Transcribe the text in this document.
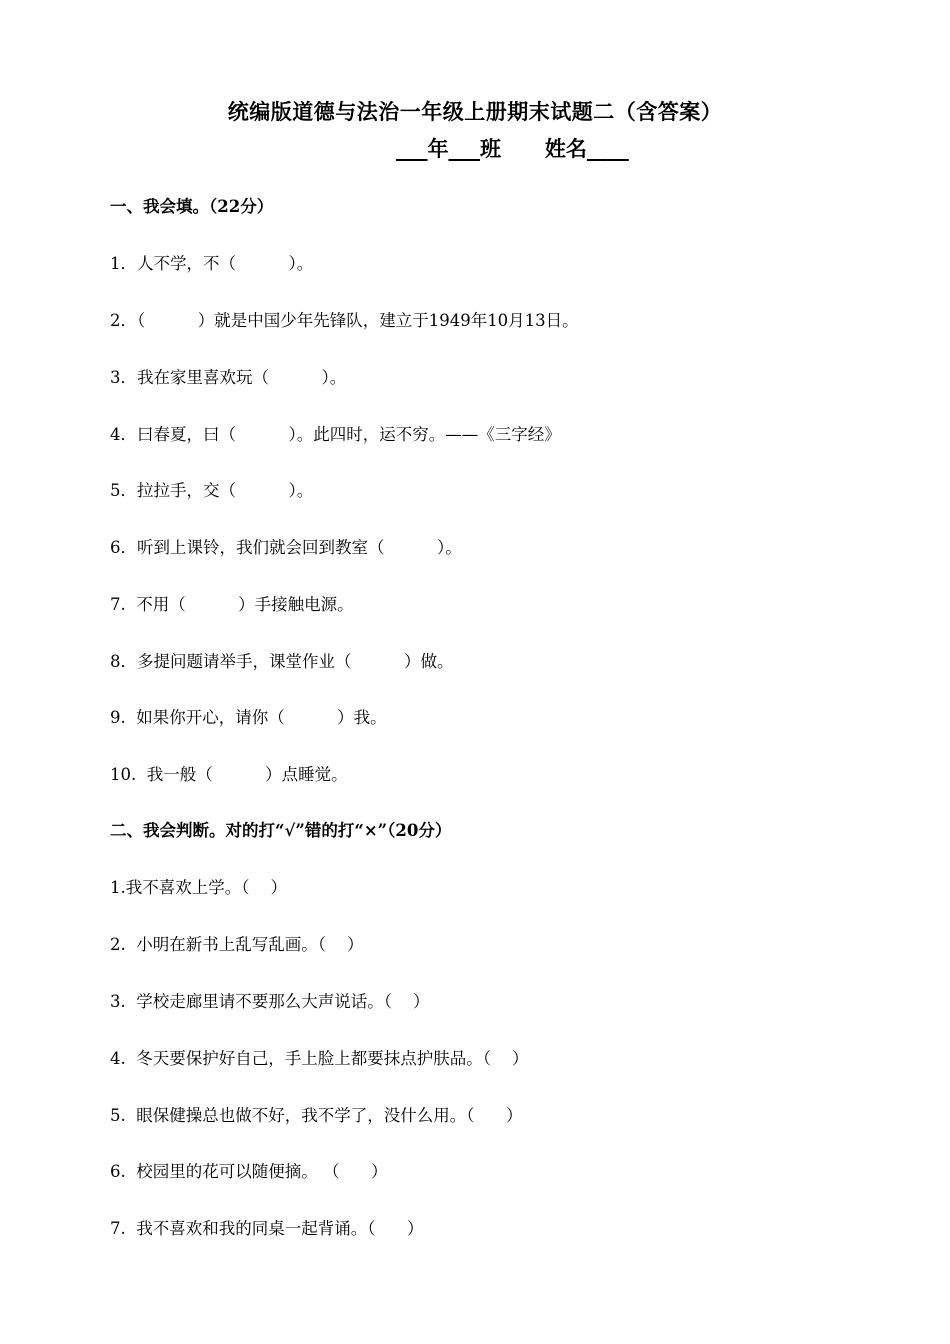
统编版道德与法治一年级上册期末试题二（含答案）
___年___班      姓名____
一、我会填。（22分）
1．人不学，不（          ）。
2．（          ）就是中国少年先锋队，建立于1949年10月13日。
3．我在家里喜欢玩（          ）。
4．曰春夏，曰（          ）。此四时，运不穷。——《三字经》
5．拉拉手，交（          ）。
6．听到上课铃，我们就会回到教室（          ）。
7.  不用（          ）手接触电源。
8．多提问题请举手，课堂作业（          ）做。
9.  如果你开心，请你（          ）我。
10.  我一般（          ）点睡觉。
二、我会判断。对的打“√”错的打“×”（20分）
1.我不喜欢上学。（    ）
2.  小明在新书上乱写乱画。（    ）
3.  学校走廊里请不要那么大声说话。（    ）
4.  冬天要保护好自己，手上脸上都要抹点护肤品。（    ）
5.  眼保健操总也做不好，我不学了，没什么用。（      ）
6.  校园里的花可以随便摘。 （      ）
7.  我不喜欢和我的同桌一起背诵。（      ）
